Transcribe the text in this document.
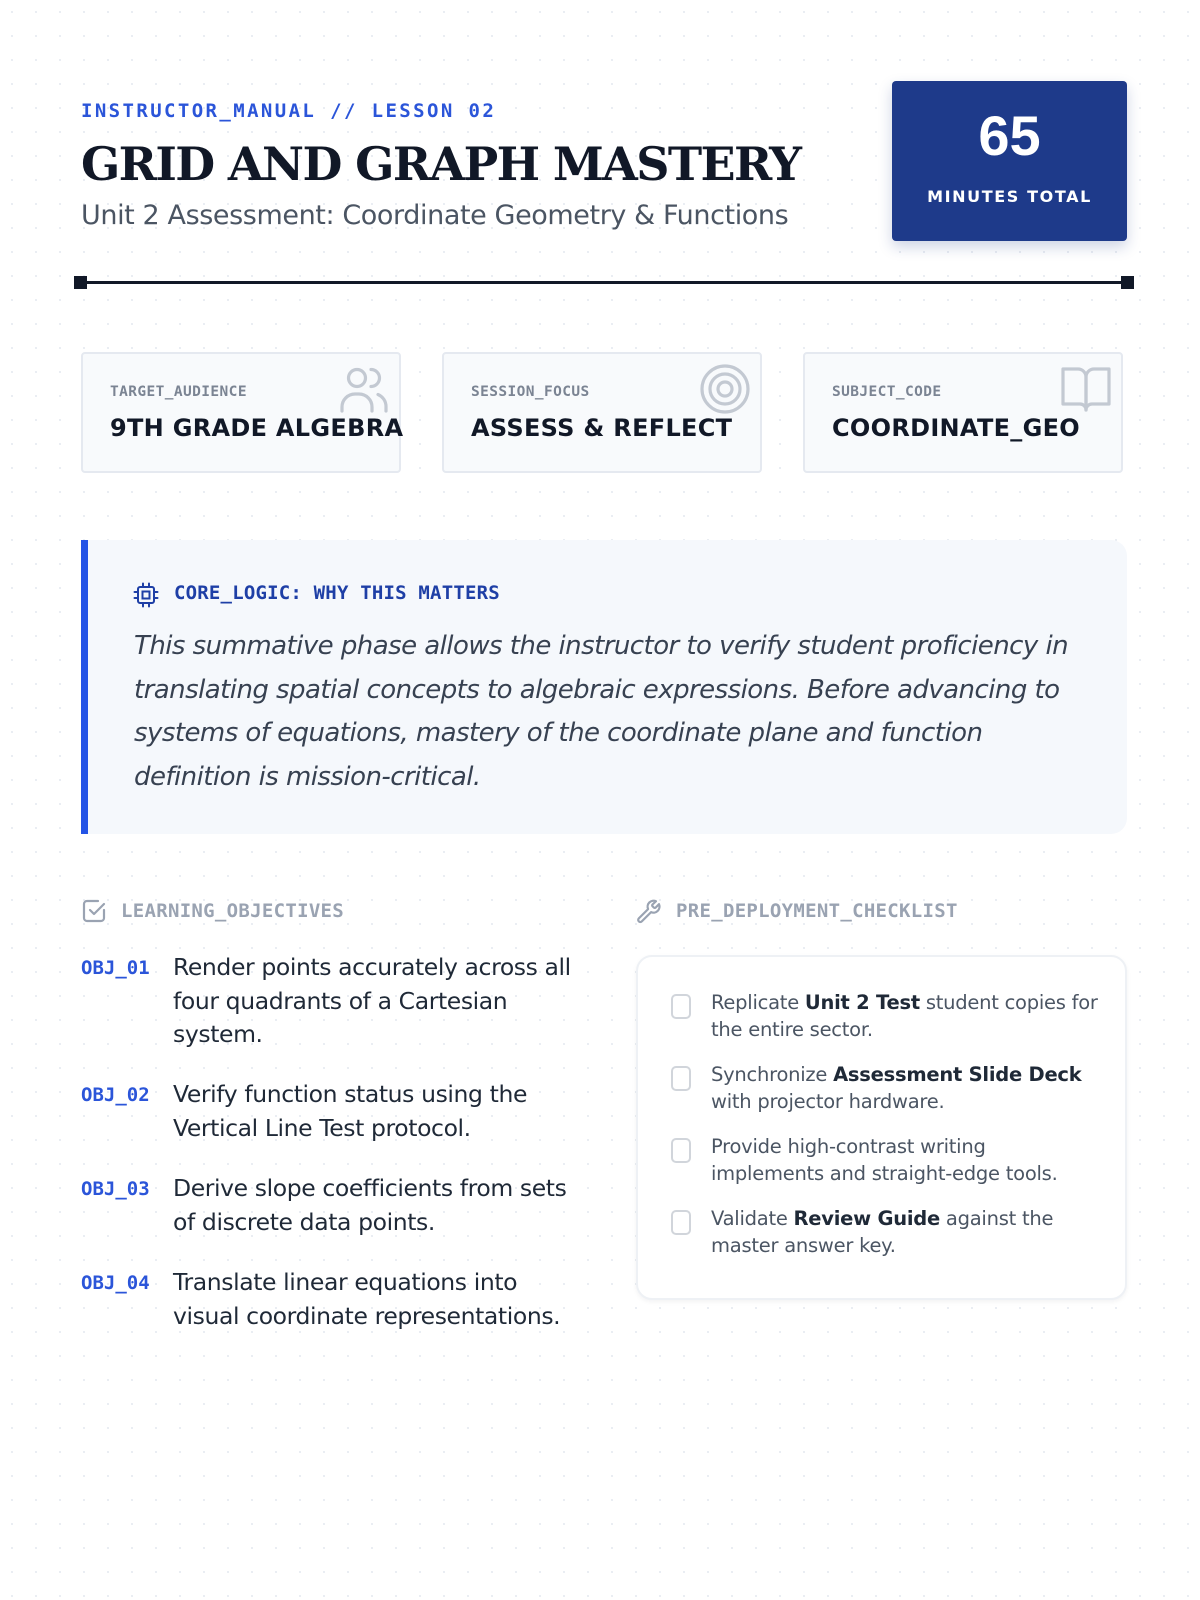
INSTRUCTOR_MANUAL // LESSON 02
GRID AND GRAPH MASTERY
Unit 2 Assessment: Coordinate Geometry & Functions
65
MINUTES TOTAL
TARGET_AUDIENCE
9TH GRADE ALGEBRA
SESSION_FOCUS
ASSESS & REFLECT
SUBJECT_CODE
COORDINATE_GEO
CORE_LOGIC: WHY THIS MATTERS

This summative phase allows the instructor to verify student proficiency in translating spatial concepts to algebraic expressions. Before advancing to systems of equations, mastery of the coordinate plane and function definition is mission-critical.

LEARNING_OBJECTIVES
OBJ_01 Render points accurately across all four quadrants of a Cartesian system.
OBJ_02 Verify function status using the Vertical Line Test protocol.
OBJ_03 Derive slope coefficients from sets of discrete data points.
OBJ_04 Translate linear equations into visual coordinate representations.
PRE_DEPLOYMENT_CHECKLIST
Replicate Unit 2 Test student copies for the entire sector.
Synchronize Assessment Slide Deck with projector hardware.
Provide high-contrast writing implements and straight-edge tools.
Validate Review Guide against the master answer key.
